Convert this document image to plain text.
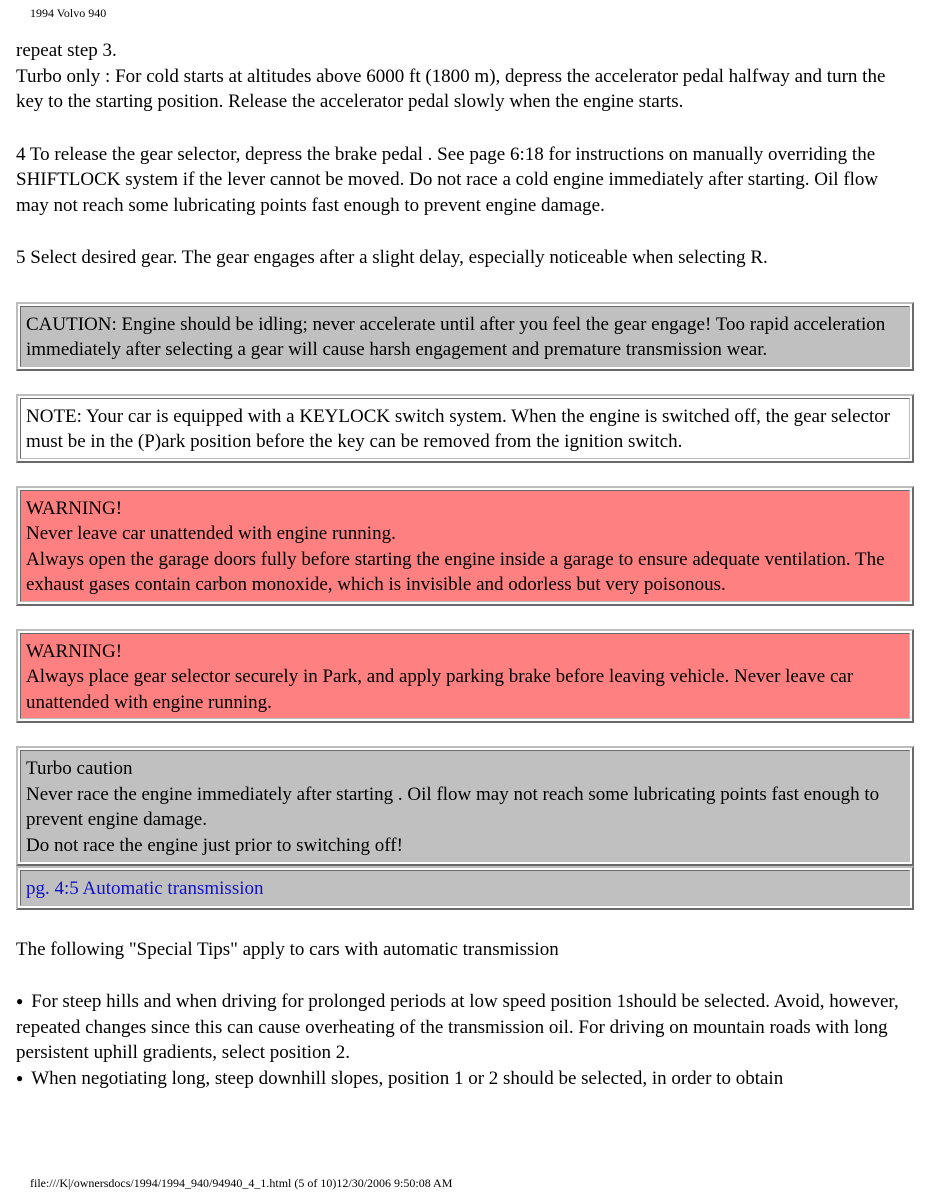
1994 Volvo 940

repeat step 3.

Turbo only : For cold starts at altitudes above 6000 ft (1800 m), depress the accelerator pedal halfway and turn the key to the starting position. Release the accelerator pedal slowly when the engine starts.

4 To release the gear selector, depress the brake pedal . See page 6:18 for instructions on manually overriding the SHIFTLOCK system if the lever cannot be moved. Do not race a cold engine immediately after starting. Oil flow may not reach some lubricating points fast enough to prevent engine damage.

5 Select desired gear. The gear engages after a slight delay, especially noticeable when selecting R.

CAUTION: Engine should be idling; never accelerate until after you feel the gear engage! Too rapid acceleration immediately after selecting a gear will cause harsh engagement and premature transmission wear.
NOTE: Your car is equipped with a KEYLOCK switch system. When the engine is switched off, the gear selector must be in the (P)ark position before the key can be removed from the ignition switch.
WARNING!
Never leave car unattended with engine running.
Always open the garage doors fully before starting the engine inside a garage to ensure adequate ventilation. The exhaust gases contain carbon monoxide, which is invisible and odorless but very poisonous.
WARNING!
Always place gear selector securely in Park, and apply parking brake before leaving vehicle. Never leave car unattended with engine running.
Turbo caution
Never race the engine immediately after starting . Oil flow may not reach some lubricating points fast enough to prevent engine damage.
Do not race the engine just prior to switching off!
pg. 4:5 Automatic transmission

The following "Special Tips" apply to cars with automatic transmission

● For steep hills and when driving for prolonged periods at low speed position 1should be selected. Avoid, however, repeated changes since this can cause overheating of the transmission oil. For driving on mountain roads with long persistent uphill gradients, select position 2.
● When negotiating long, steep downhill slopes, position 1 or 2 should be selected, in order to obtain
file:///K|/ownersdocs/1994/1994_940/94940_4_1.html (5 of 10)12/30/2006 9:50:08 AM
